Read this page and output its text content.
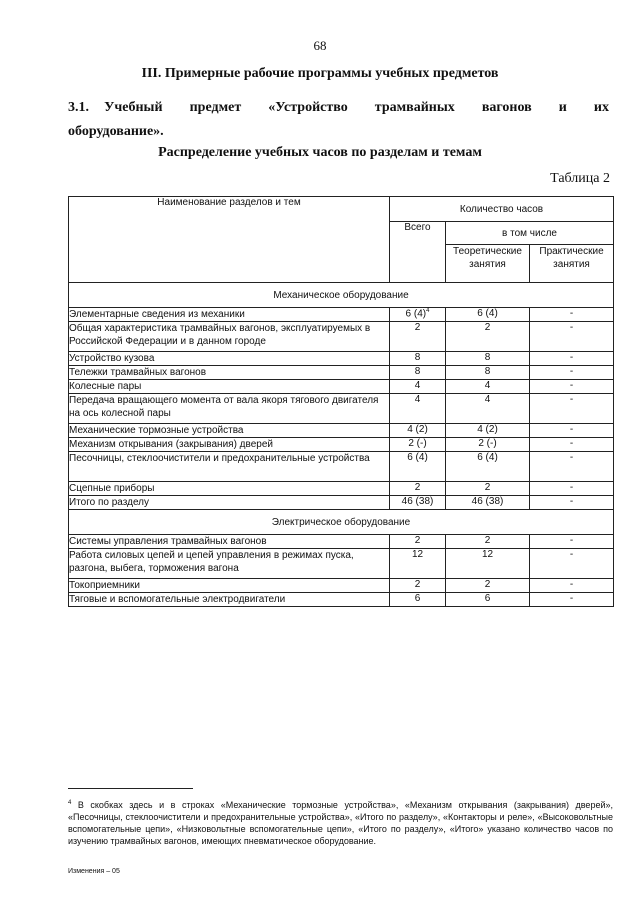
68
III. Примерные рабочие программы учебных предметов
3.1. Учебный предмет «Устройство трамвайных вагонов и их оборудование».
Распределение учебных часов по разделам и темам
Таблица 2
Наименование разделов и тем	Количество часов		
	Всего	в том числе	
		Теоретические занятия	Практические занятия
Механическое оборудование			
Элементарные сведения из механики	6 $(4)^4$	6 (4)	-
Общая характеристика трамвайных вагонов, эксплуатируемых в Российской Федерации и в данном городе	2	2	-
Устройство кузова	8	8	-
Тележки трамвайных вагонов	8	8	-
Колесные пары	4	4	-
Передача вращающего момента от вала якоря тягового двигателя на ось колесной пары	4	4	-
Механические тормозные устройства	4 (2)	4 (2)	-
Механизм открывания (закрывания) дверей	2 (-)	2 (-)	-
Песочницы, стеклоочистители и предохранительные устройства	6 (4)	6 (4)	-
Сцепные приборы	2	2	-
Итого по разделу	46 (38)	46 (38)	-
Электрическое оборудование			
Системы управления трамвайных вагонов	2	2	-
Работа силовых цепей и цепей управления в режимах пуска, разгона, выбега, торможения вагона	12	12	-
Токоприемники	2	2	-
Тяговые и вспомогательные электродвигатели	6	6	-
$^4$ В скобках здесь и в строках «Механические тормозные устройства», «Механизм открывания (закрывания) дверей», «Песочницы, стеклоочистители и предохранительные устройства», «Итого по разделу», «Контакторы и реле», «Высоковольтные вспомогательные цепи», «Низковольтные вспомогательные цепи», «Итого по разделу», «Итого» указано количество часов по изучению трамвайных вагонов, имеющих пневматическое оборудование.
Изменения – 05
